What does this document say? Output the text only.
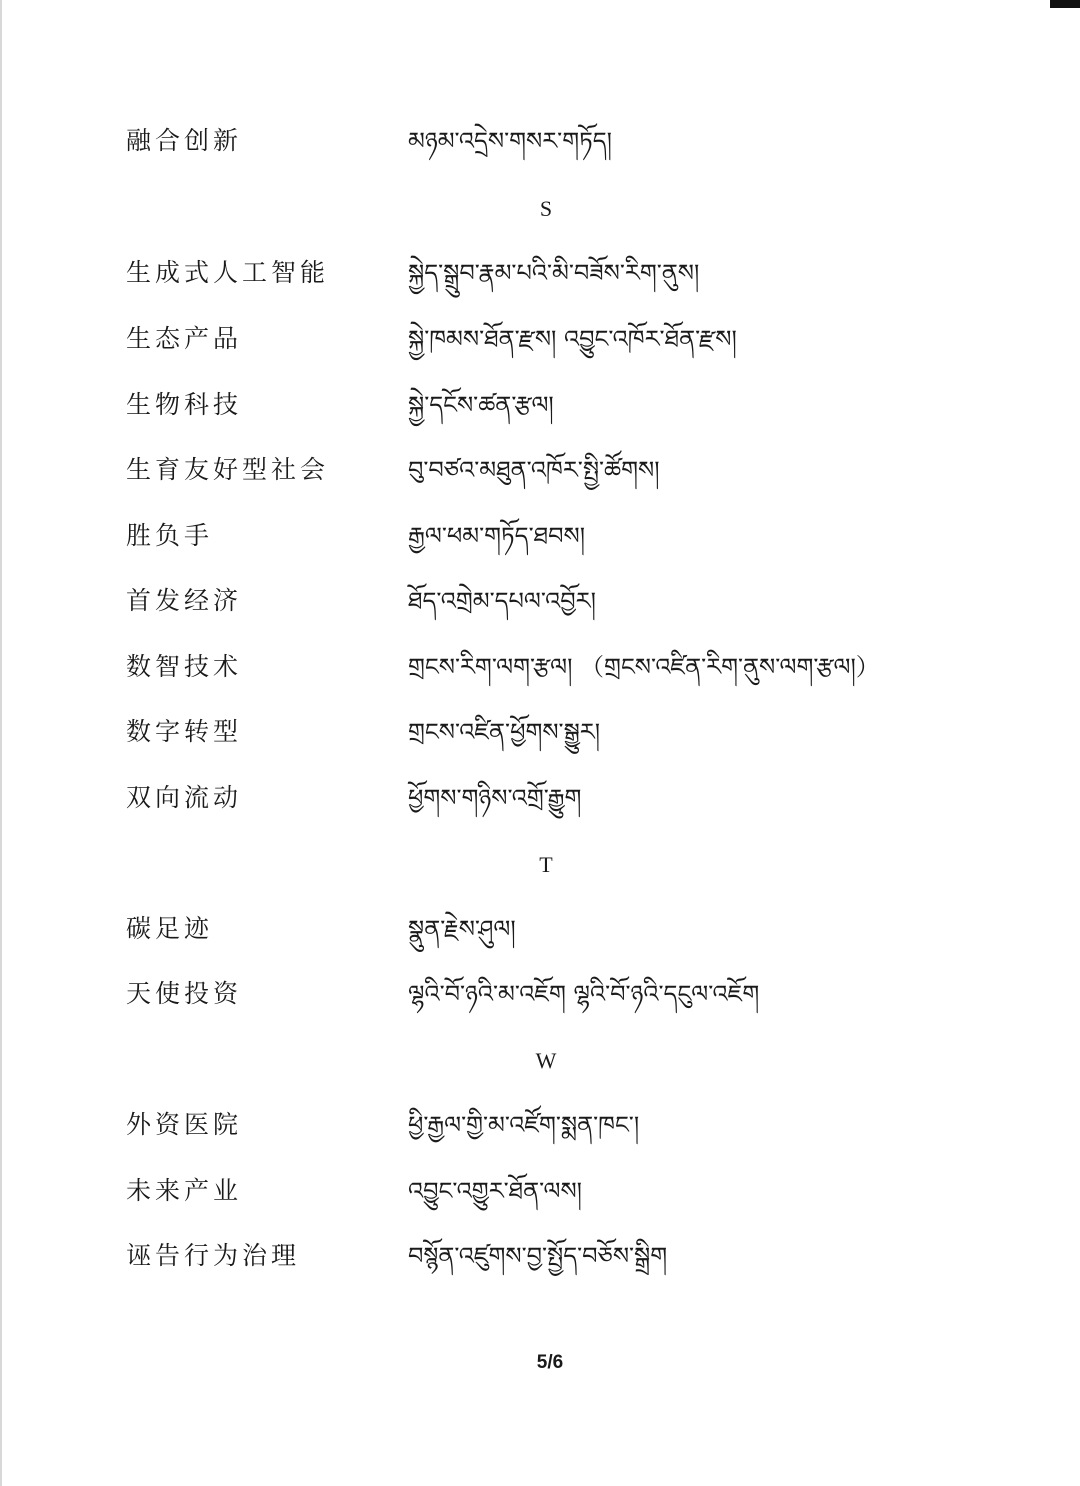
融合创新	མཉམ་འདྲེས་གསར་གཏོད།
S
生成式人工智能	སྐྱེད་སྒྲུབ་རྣམ་པའི་མི་བཟོས་རིག་ནུས།
生态产品	སྐྱེ་ཁམས་ཐོན་རྫས། འབྱུང་འཁོར་ཐོན་རྫས།
生物科技	སྐྱེ་དངོས་ཚན་རྩལ།
生育友好型社会	བུ་བཙའ་མཐུན་འཁོར་སྤྱི་ཚོགས།
胜负手	རྒྱལ་ཕམ་གཏོད་ཐབས།
首发经济	ཐོད་འགྲེམ་དཔལ་འབྱོར།
数智技术	གྲངས་རིག་ལག་རྩལ། （གྲངས་འཛིན་རིག་ནུས་ལག་རྩལ།）
数字转型	གྲངས་འཛིན་ཕྱོགས་སྒྱུར།
双向流动	ཕྱོགས་གཉིས་འགྲོ་རྒྱུག
T
碳足迹	སྣུན་རྗེས་ཤུལ།
天使投资	ལྷའི་བོ་ཉའི་མ་འཇོག ལྷའི་བོ་ཉའི་དངུལ་འཇོག
W
外资医院	ཕྱི་རྒྱལ་གྱི་མ་འཛོག་སྨན་ཁང་།
未来产业	འབྱུང་འགྱུར་ཐོན་ལས།
诬告行为治理	བསྙོན་འཛུགས་བྱ་སྤྱོད་བཅོས་སྒྲིག
5/6
